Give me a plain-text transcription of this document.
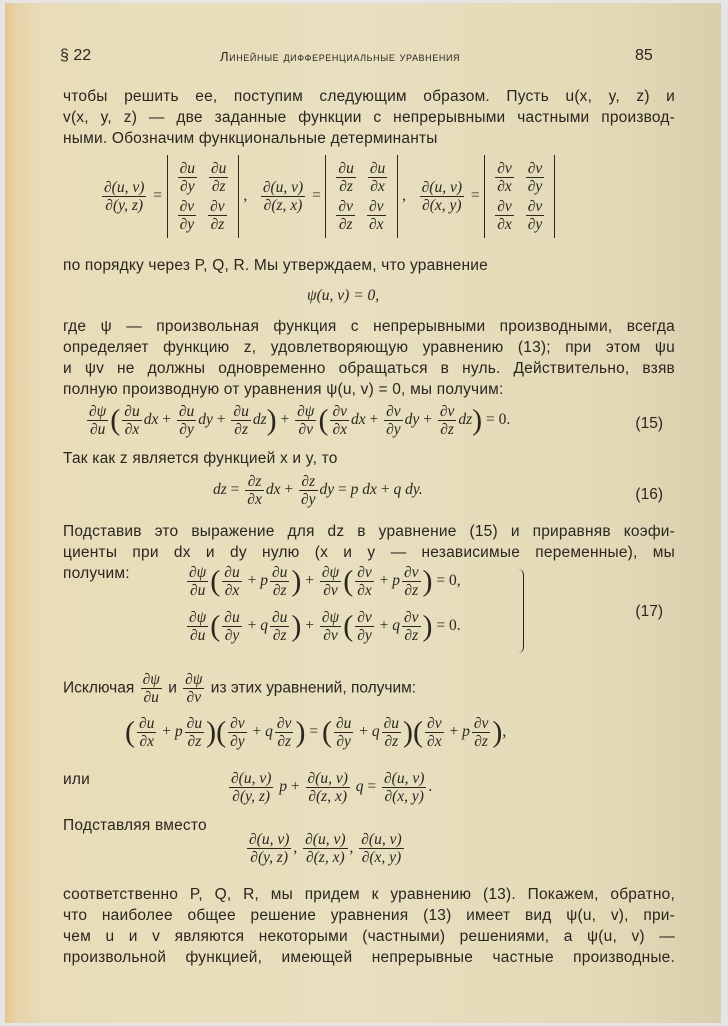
§ 22	Линейные дифференциальные уравнения	85
чтобы решить ее, поступим следующим образом. Пусть u(x, y, z) и
v(x, y, z) — две заданные функции с непрерывными частными производ-
ными. Обозначим функциональные детерминанты
$\frac{\partial(u, v)}{\partial(y, z)}$ =
$\frac{\partial u}{\partial y} \frac{\partial u}{\partial z}$
$\frac{\partial v}{\partial y} \frac{\partial v}{\partial z}$
, $\frac{\partial(u, v)}{\partial(z, x)}$ =
$\frac{\partial u}{\partial z} \frac{\partial u}{\partial x}$
$\frac{\partial v}{\partial z} \frac{\partial v}{\partial x}$
, $\frac{\partial(u, v)}{\partial(x, y)}$ =
$\frac{\partial v}{\partial x} \frac{\partial v}{\partial y}$
$\frac{\partial v}{\partial x} \frac{\partial v}{\partial y}$
по порядку через P, Q, R. Мы утверждаем, что уравнение
ψ(u, v) = 0,
где ψ — произвольная функция с непрерывными производными, всегда
определяет функцию z, удовлетворяющую уравнению (13); при этом ψu
и ψv не должны одновременно обращаться в нуль. Действительно, взяв
полную производную от уравнения ψ(u, v) = 0, мы получим:
$\frac{\partial\psi}{\partial u}$ ( $\frac{\partial u}{\partial x}$ dx + $\frac{\partial u}{\partial y}$ dy + $\frac{\partial u}{\partial z} dz) + \frac{\partial\psi}{\partial v}$ ( $\frac{\partial v}{\partial x}$ dx + $\frac{\partial v}{\partial y}$ dy + $\frac{\partial v}{\partial z} dz) = 0$.	(15)
Так как z является функцией x и y, то
dz = $\frac{\partial z}{\partial x}$ dx + $\frac{\partial z}{\partial y}$ dy = p dx + q dy.	(16)
Подставив это выражение для dz в уравнение (15) и приравняв коэфи-
циенты при dx и dy нулю (x и y — независимые переменные), мы
получим:	$\frac{\partial\psi}{\partial u}$ ( $\frac{\partial u}{\partial x} + p \frac{\partial u}{\partial z}$ ) + $\frac{\partial\psi}{\partial v}$ ( $\frac{\partial v}{\partial x} + p \frac{\partial v}{\partial z}$ ) = 0,
$\frac{\partial\psi}{\partial u}$ ( $\frac{\partial u}{\partial y} + q \frac{\partial u}{\partial z}$ ) + $\frac{\partial\psi}{\partial v}$ ( $\frac{\partial v}{\partial y} + q \frac{\partial v}{\partial z}$ ) = 0.
(17)
Исключая $\frac{\partial\psi}{\partial u}$ и $\frac{\partial\psi}{\partial v}$ из этих уравнений, получим:
( $\frac{\partial u}{\partial x} + p \frac{\partial u}{\partial z}$ )( $\frac{\partial v}{\partial y} + q \frac{\partial v}{\partial z}$ ) = ( $\frac{\partial u}{\partial y} + q \frac{\partial u}{\partial z}$ )( $\frac{\partial v}{\partial x} + p \frac{\partial v}{\partial z}$ ),
или	$\frac{\partial(u, v)}{\partial(y, z)}$ $p + \frac{\partial(u, v)}{\partial(z, x)}$ $q = \frac{\partial(u, v)}{\partial(x, y)}$ .
Подставляя вместо
$\frac{\partial(u, v)}{\partial(y, z)}$ , $\frac{\partial(u, v)}{\partial(z, x)}$ , $\frac{\partial(u, v)}{\partial(x, y)}$
соответственно P, Q, R, мы придем к уравнению (13). Покажем, обратно,
что наиболее общее решение уравнения (13) имеет вид ψ(u, v), при-
чем u и v являются некоторыми (частными) решениями, а ψ(u, v) —
произвольной функцией, имеющей непрерывные частные производные.
